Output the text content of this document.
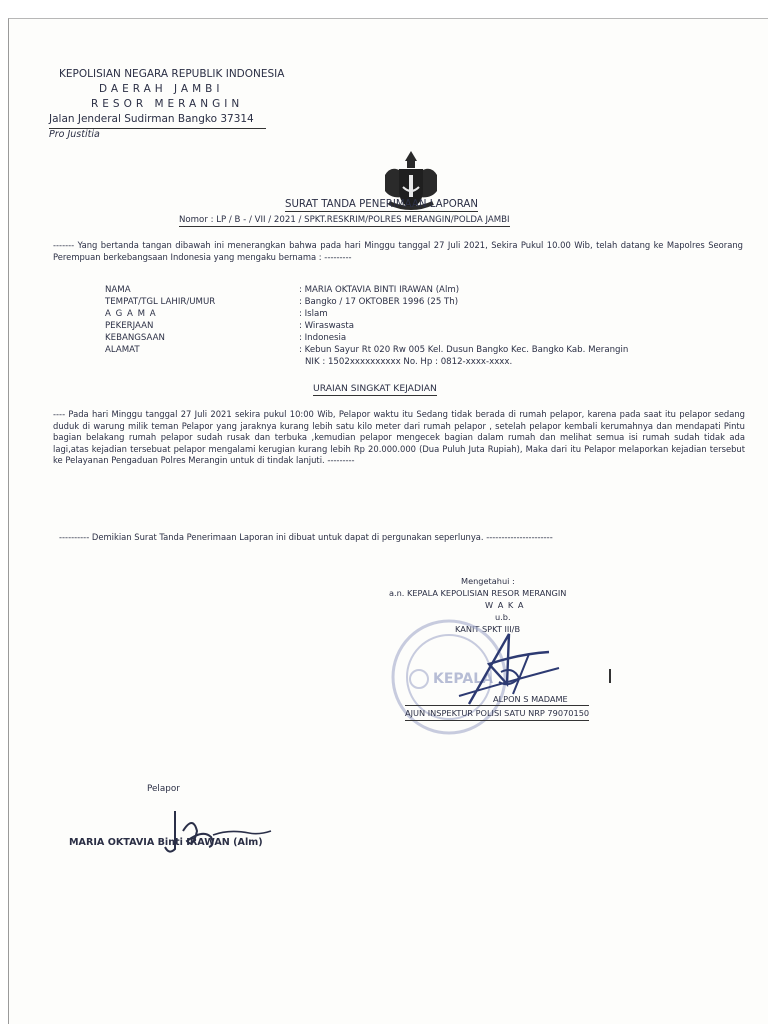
KEPOLISIAN NEGARA REPUBLIK INDONESIA
DAERAH JAMBI
RESOR MERANGIN
Jalan Jenderal Sudirman Bangko 37314
Pro Justitia
SURAT TANDA PENERIMAAN LAPORAN
Nomor : LP / B - / VII / 2021 / SPKT.RESKRIM/POLRES MERANGIN/POLDA JAMBI
------- Yang bertanda tangan dibawah ini menerangkan bahwa pada hari Minggu tanggal 27 Juli 2021, Sekira Pukul 10.00 Wib, telah datang ke Mapolres Seorang Perempuan berkebangsaan Indonesia yang mengaku bernama : ---------
NAMA	: MARIA OKTAVIA BINTI IRAWAN (Alm)
TEMPAT/TGL LAHIR/UMUR	: Bangko / 17 OKTOBER 1996 (25 Th)
A G A M A	: Islam
PEKERJAAN	: Wiraswasta
KEBANGSAAN	: Indonesia
ALAMAT	: Kebun Sayur Rt 020 Rw 005 Kel. Dusun Bangko Kec. Bangko Kab. Merangin
NIK : 1502xxxxxxxxxx No. Hp : 0812-xxxx-xxxx.
URAIAN SINGKAT KEJADIAN
---- Pada hari Minggu tanggal 27 Juli 2021 sekira pukul 10:00 Wib, Pelapor waktu itu Sedang tidak berada di rumah pelapor, karena pada saat itu pelapor sedang duduk di warung milik teman Pelapor yang jaraknya kurang lebih satu kilo meter dari rumah pelapor , setelah pelapor kembali kerumahnya dan mendapati Pintu bagian belakang rumah pelapor sudah rusak dan terbuka ,kemudian pelapor mengecek bagian dalam rumah dan melihat semua isi rumah sudah tidak ada lagi,atas kejadian tersebuat pelapor mengalami kerugian kurang lebih Rp 20.000.000 (Dua Puluh Juta Rupiah), Maka dari itu Pelapor melaporkan kejadian tersebut ke Pelayanan Pengaduan Polres Merangin untuk di tindak lanjuti. ---------
---------- Demikian Surat Tanda Penerimaan Laporan ini dibuat untuk dapat di pergunakan seperlunya. ----------------------
Mengetahui :
a.n. KEPALA KEPOLISIAN RESOR MERANGIN
W A K A
u.b.
KANIT SPKT III/B
KEPALA
ALPON S MADAME
AJUN INSPEKTUR POLISI SATU NRP 79070150
Pelapor
MARIA OKTAVIA Binti IRAWAN (Alm)
